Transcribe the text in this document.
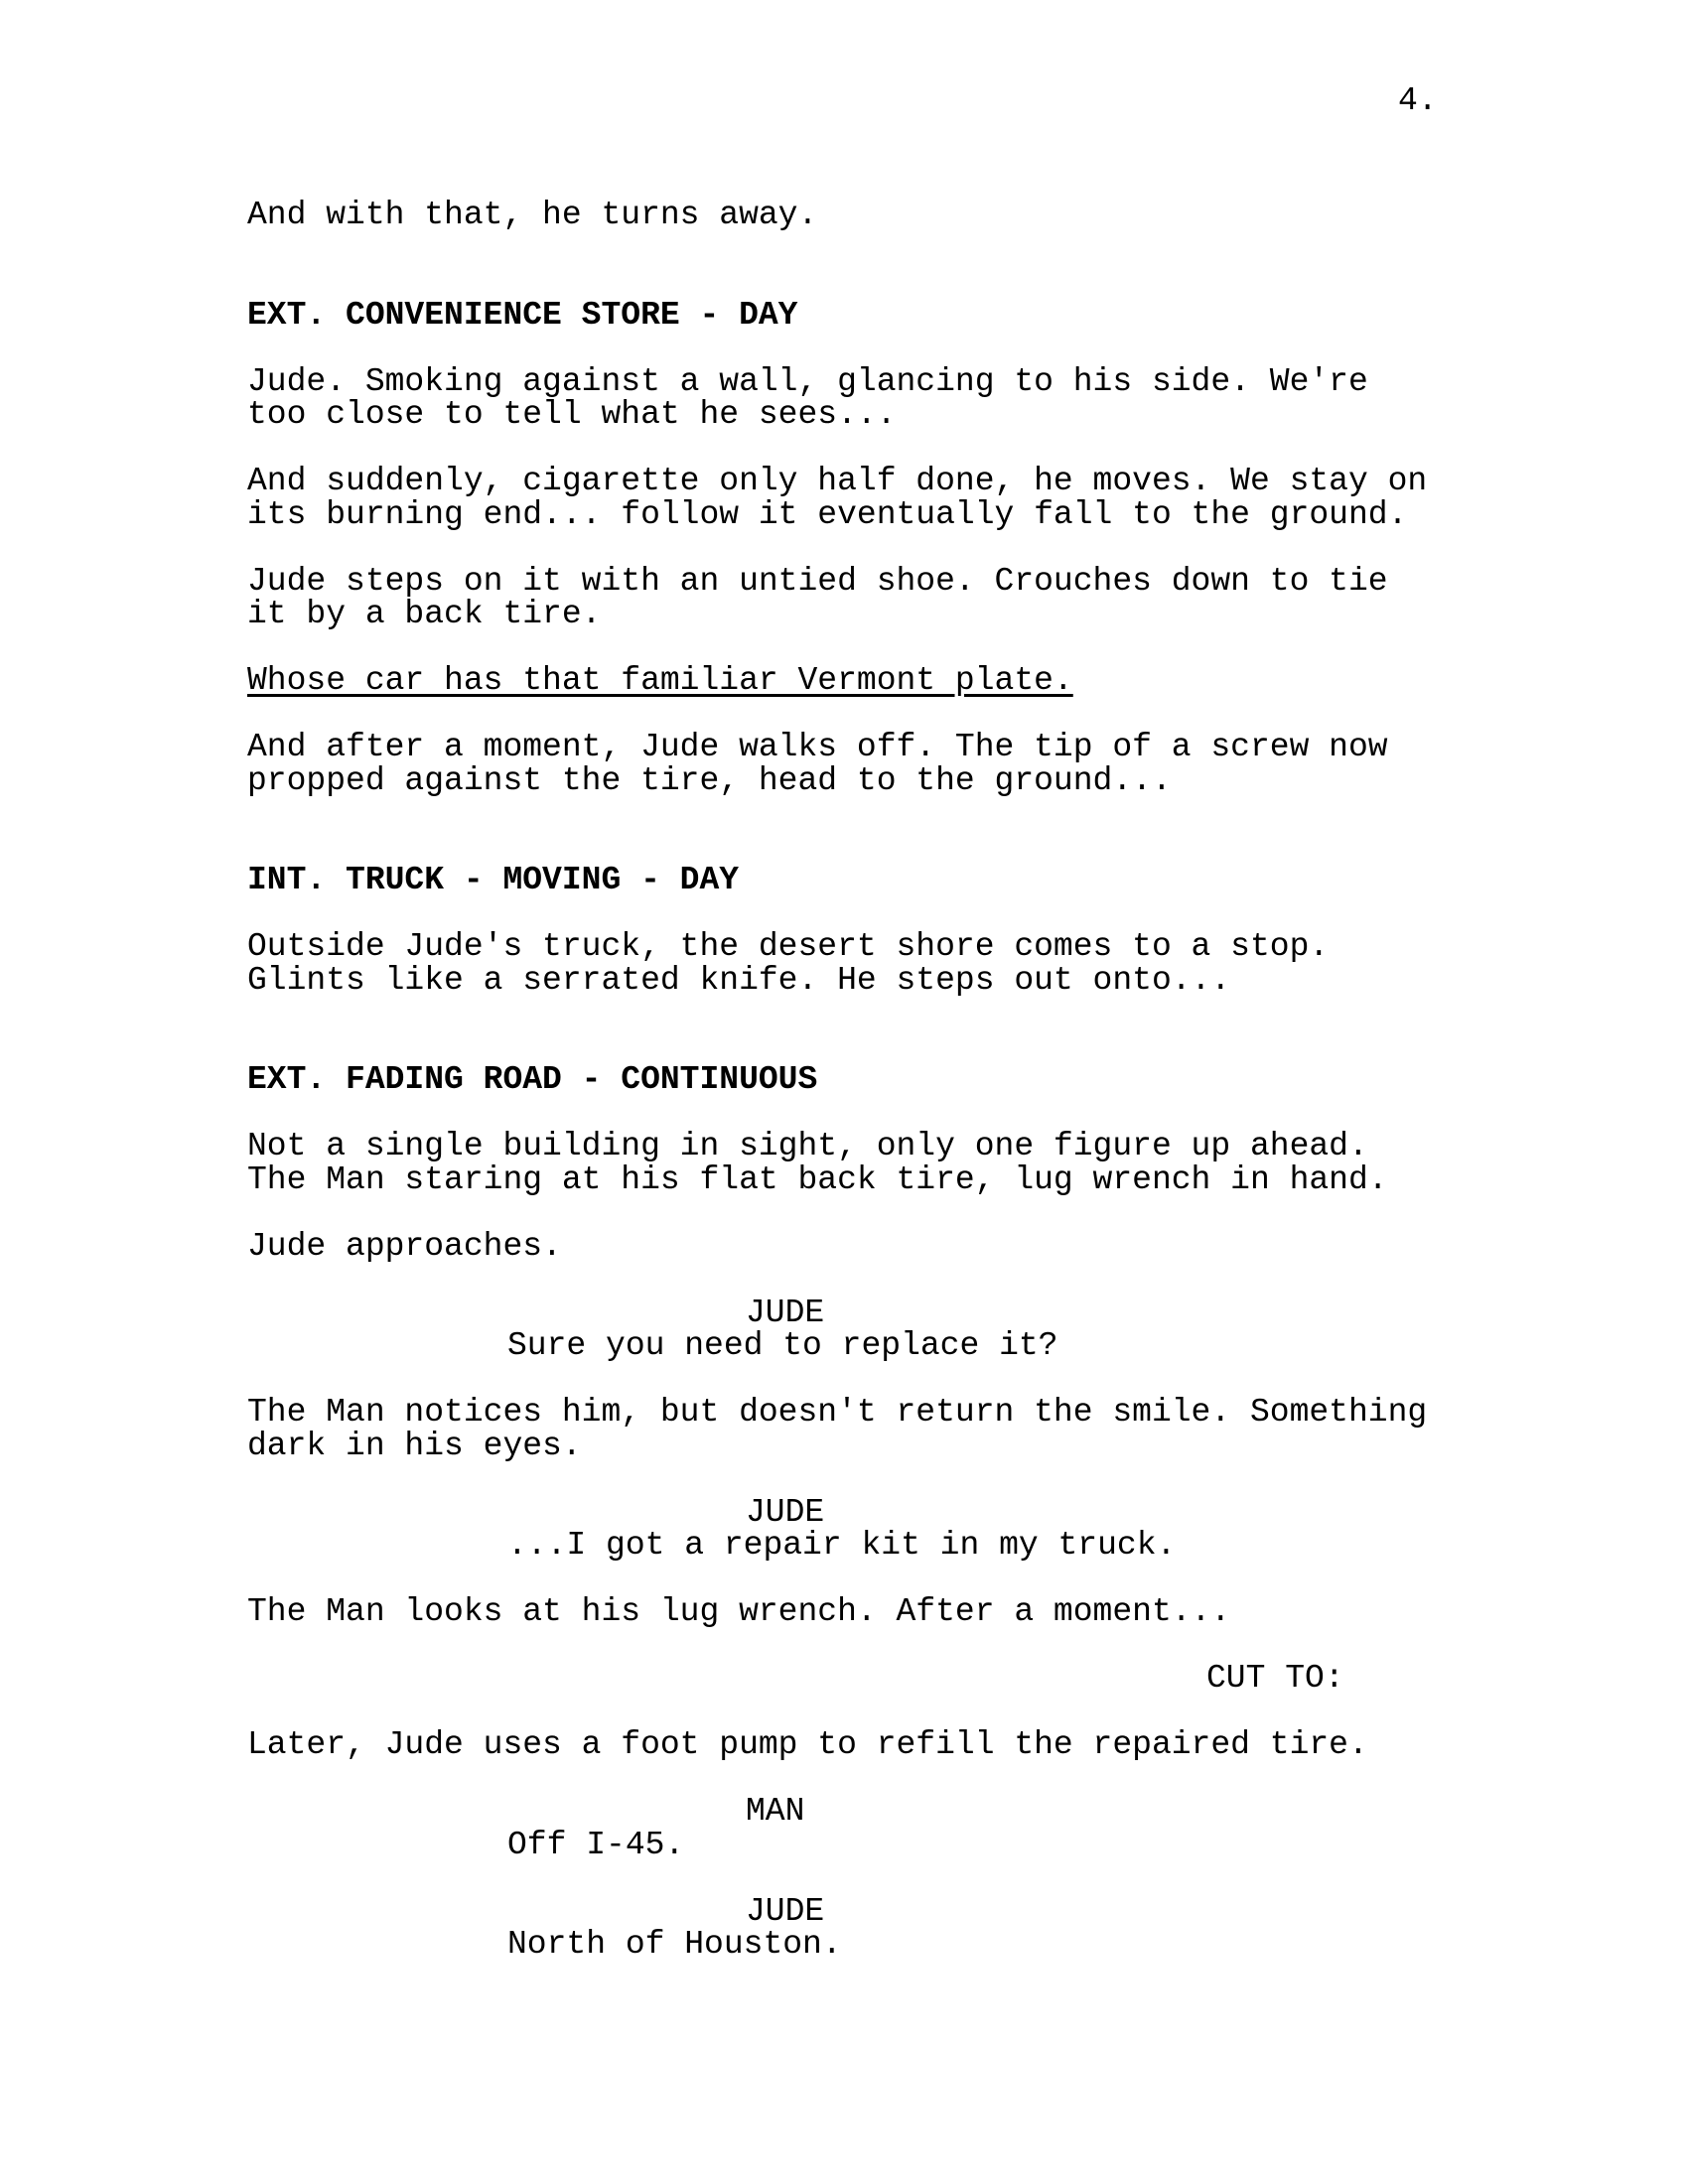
4.
And with that, he turns away.
EXT. CONVENIENCE STORE - DAY
Jude. Smoking against a wall, glancing to his side. We're
too close to tell what he sees...
And suddenly, cigarette only half done, he moves. We stay on
its burning end... follow it eventually fall to the ground.
Jude steps on it with an untied shoe. Crouches down to tie
it by a back tire.
Whose car has that familiar Vermont plate.
And after a moment, Jude walks off. The tip of a screw now
propped against the tire, head to the ground...
INT. TRUCK - MOVING - DAY
Outside Jude's truck, the desert shore comes to a stop.
Glints like a serrated knife. He steps out onto...
EXT. FADING ROAD - CONTINUOUS
Not a single building in sight, only one figure up ahead.
The Man staring at his flat back tire, lug wrench in hand.
Jude approaches.
JUDE
Sure you need to replace it?
The Man notices him, but doesn't return the smile. Something
dark in his eyes.
JUDE
...I got a repair kit in my truck.
The Man looks at his lug wrench. After a moment...
CUT TO:
Later, Jude uses a foot pump to refill the repaired tire.
MAN
Off I-45.
JUDE
North of Houston.
